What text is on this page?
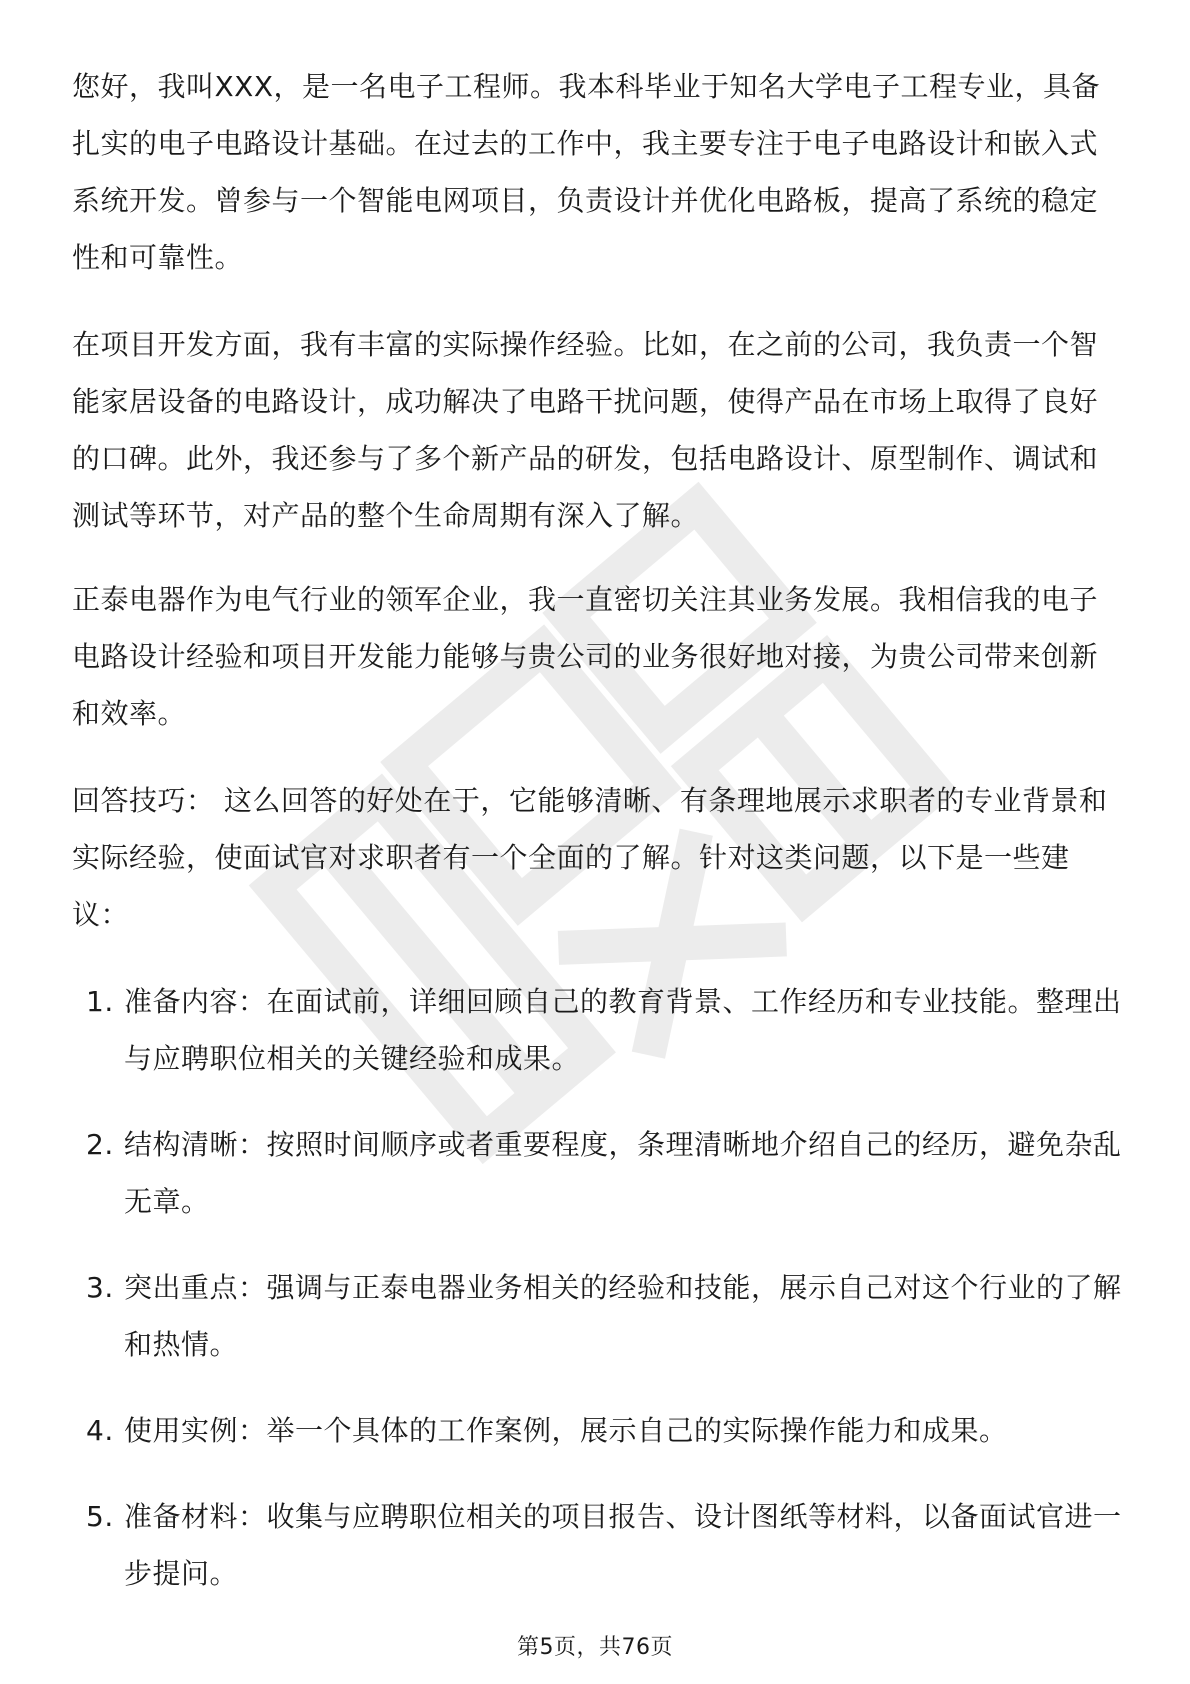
您好，我叫XXX，是一名电子工程师。我本科毕业于知名大学电子工程专业，具备扎实的电子电路设计基础。在过去的工作中，我主要专注于电子电路设计和嵌入式系统开发。曾参与一个智能电网项目，负责设计并优化电路板，提高了系统的稳定性和可靠性。

在项目开发方面，我有丰富的实际操作经验。比如，在之前的公司，我负责一个智能家居设备的电路设计，成功解决了电路干扰问题，使得产品在市场上取得了良好的口碑。此外，我还参与了多个新产品的研发，包括电路设计、原型制作、调试和测试等环节，对产品的整个生命周期有深入了解。

正泰电器作为电气行业的领军企业，我一直密切关注其业务发展。我相信我的电子电路设计经验和项目开发能力能够与贵公司的业务很好地对接，为贵公司带来创新和效率。

回答技巧： 这么回答的好处在于，它能够清晰、有条理地展示求职者的专业背景和实际经验，使面试官对求职者有一个全面的了解。针对这类问题，以下是一些建议：

1. 准备内容：在面试前，详细回顾自己的教育背景、工作经历和专业技能。整理出与应聘职位相关的关键经验和成果。
2. 结构清晰：按照时间顺序或者重要程度，条理清晰地介绍自己的经历，避免杂乱无章。
3. 突出重点：强调与正泰电器业务相关的经验和技能，展示自己对这个行业的了解和热情。
4. 使用实例：举一个具体的工作案例，展示自己的实际操作能力和成果。
5. 准备材料：收集与应聘职位相关的项目报告、设计图纸等材料，以备面试官进一步提问。
第5页，共76页
